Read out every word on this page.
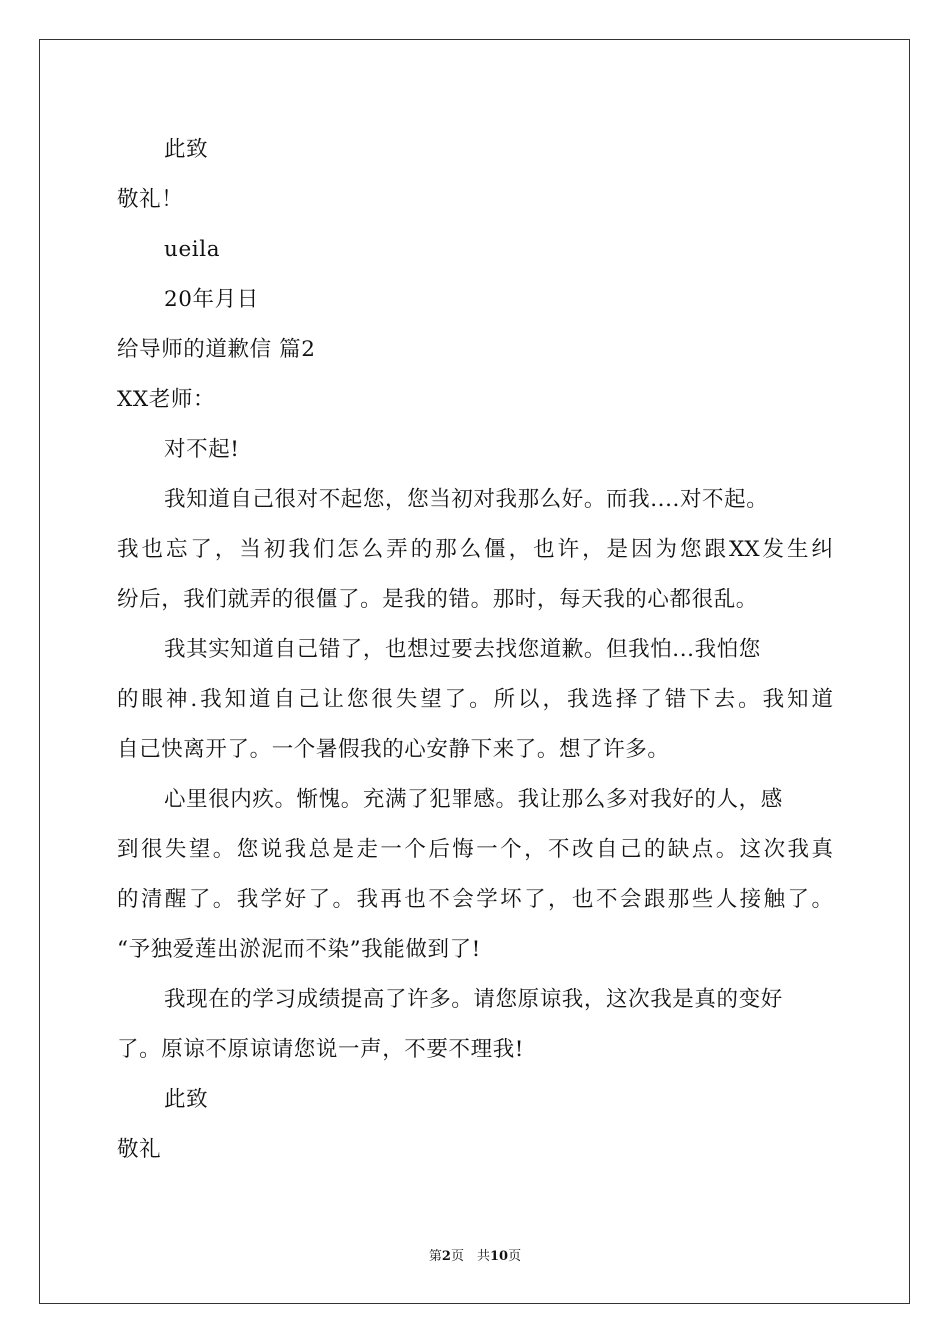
此致
敬礼！
ueila
20年月日
给导师的道歉信 篇2
XX老师：
对不起!
我知道自己很对不起您，您当初对我那么好。而我....对不起。
我也忘了，当初我们怎么弄的那么僵，也许，是因为您跟XX发生纠
纷后，我们就弄的很僵了。是我的错。那时，每天我的心都很乱。
我其实知道自己错了，也想过要去找您道歉。但我怕...我怕您
的眼神.我知道自己让您很失望了。所以，我选择了错下去。我知道
自己快离开了。一个暑假我的心安静下来了。想了许多。
心里很内疚。惭愧。充满了犯罪感。我让那么多对我好的人，感
到很失望。您说我总是走一个后悔一个，不改自己的缺点。这次我真
的清醒了。我学好了。我再也不会学坏了，也不会跟那些人接触了。
“予独爱莲出淤泥而不染”我能做到了!
我现在的学习成绩提高了许多。请您原谅我，这次我是真的变好
了。原谅不原谅请您说一声，不要不理我!
此致
敬礼
第2页　共10页
